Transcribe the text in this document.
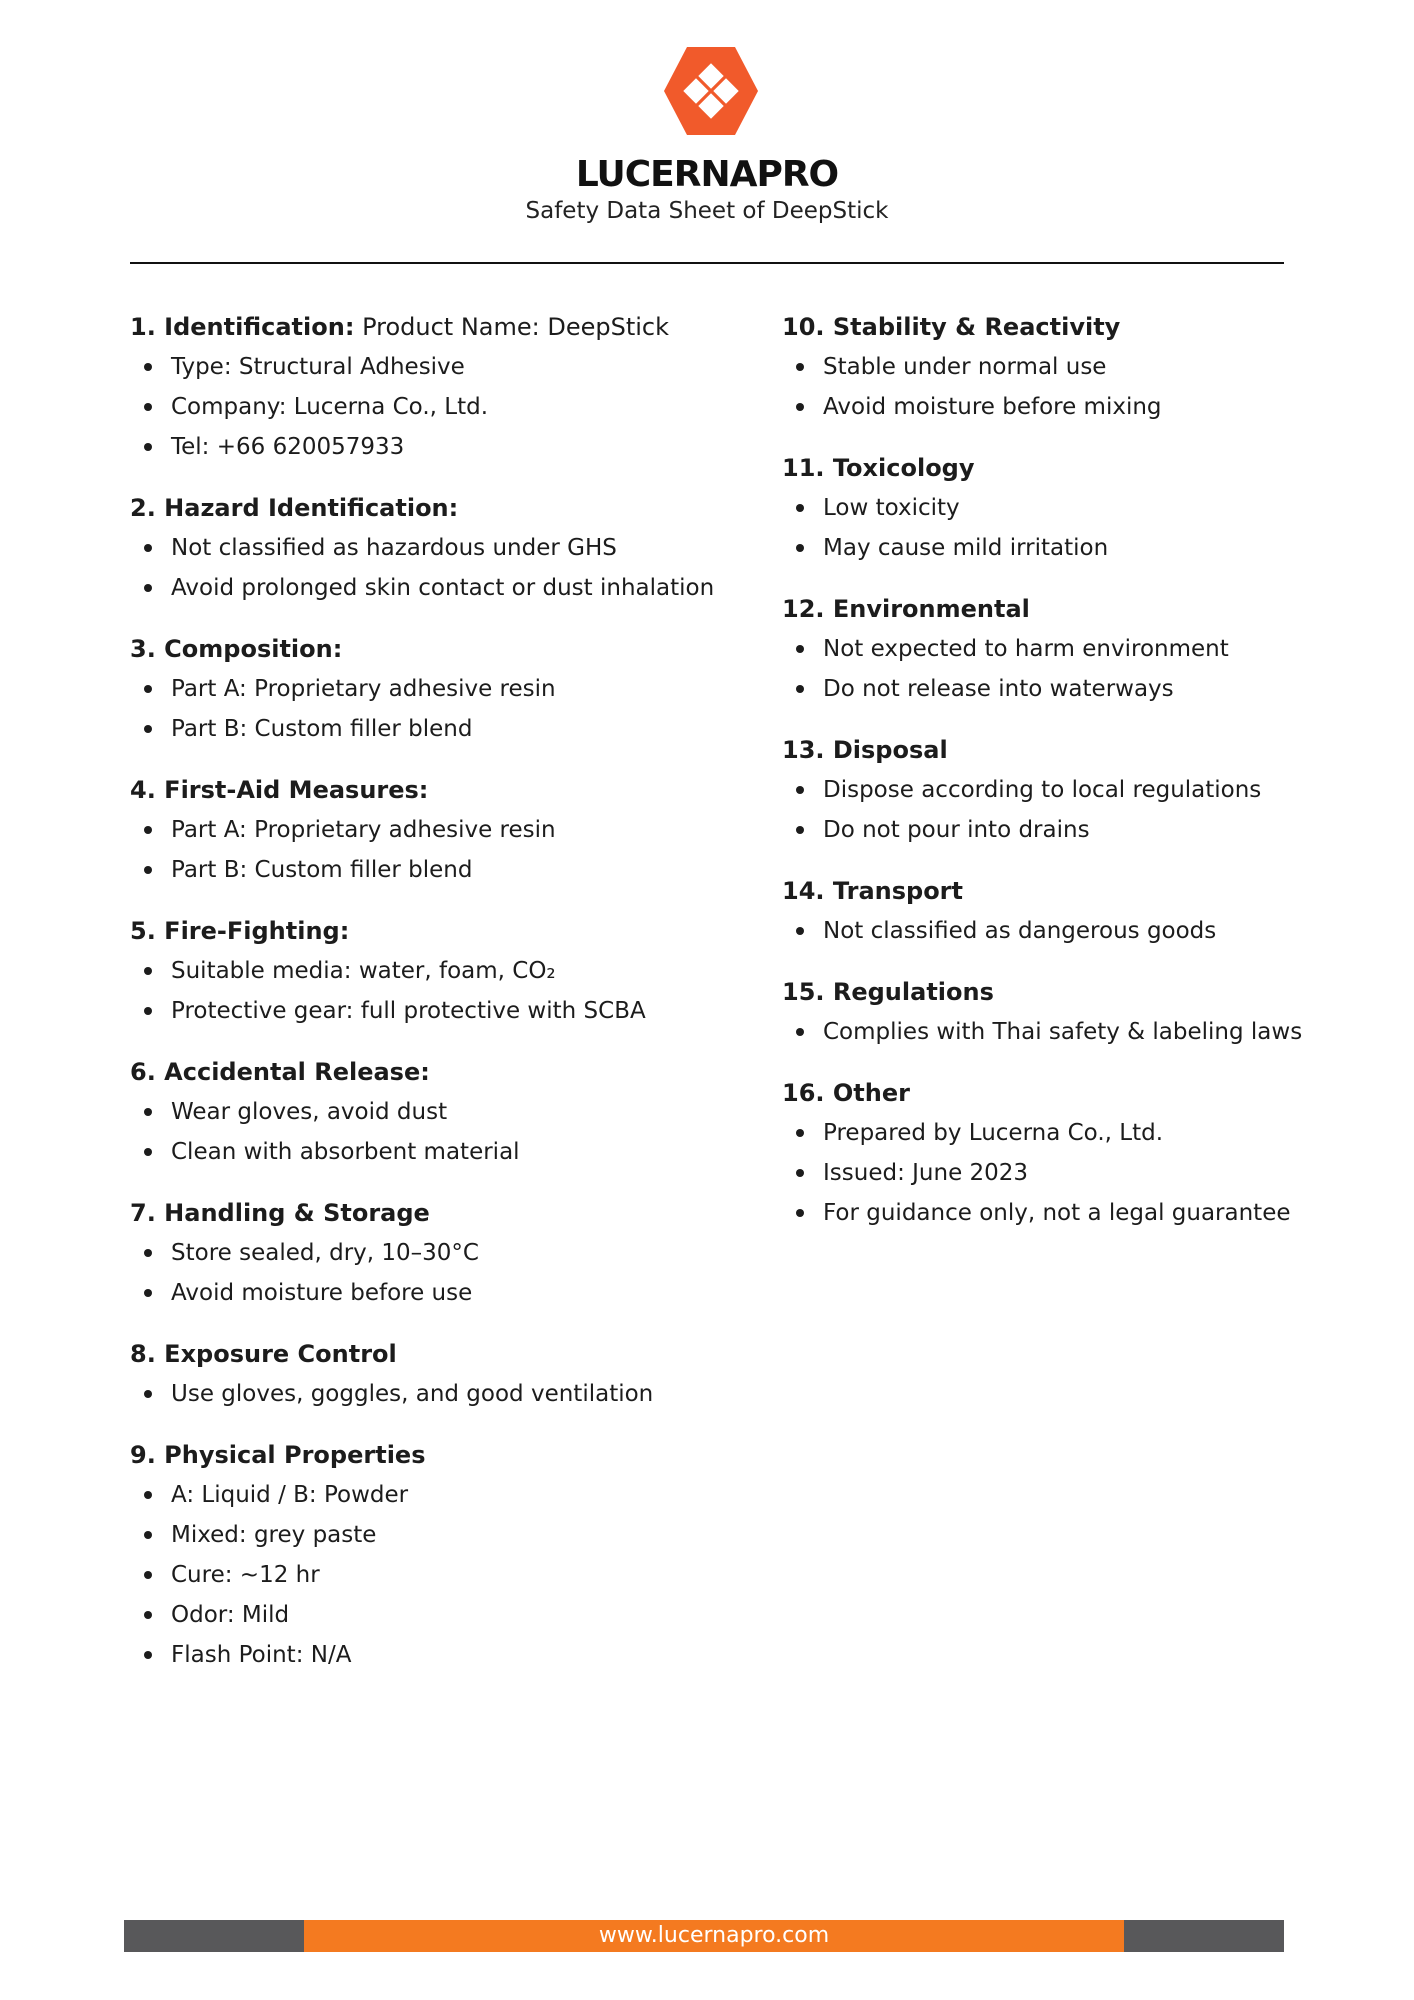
LUCERNAPRO
Safety Data Sheet of DeepStick
1. Identification: Product Name: DeepStick
Type: Structural Adhesive
Company: Lucerna Co., Ltd.
Tel: +66 620057933
2. Hazard Identification:
Not classified as hazardous under GHS
Avoid prolonged skin contact or dust inhalation
3. Composition:
Part A: Proprietary adhesive resin
Part B: Custom filler blend
4. First-Aid Measures:
Part A: Proprietary adhesive resin
Part B: Custom filler blend
5. Fire-Fighting:
Suitable media: water, foam, CO₂
Protective gear: full protective with SCBA
6. Accidental Release:
Wear gloves, avoid dust
Clean with absorbent material
7. Handling & Storage
Store sealed, dry, 10–30°C
Avoid moisture before use
8. Exposure Control
Use gloves, goggles, and good ventilation
9. Physical Properties
A: Liquid / B: Powder
Mixed: grey paste
Cure: ~12 hr
Odor: Mild
Flash Point: N/A
10. Stability & Reactivity
Stable under normal use
Avoid moisture before mixing
11. Toxicology
Low toxicity
May cause mild irritation
12. Environmental
Not expected to harm environment
Do not release into waterways
13. Disposal
Dispose according to local regulations
Do not pour into drains
14. Transport
Not classified as dangerous goods
15. Regulations
Complies with Thai safety & labeling laws
16. Other
Prepared by Lucerna Co., Ltd.
Issued: June 2023
For guidance only, not a legal guarantee
www.lucernapro.com
